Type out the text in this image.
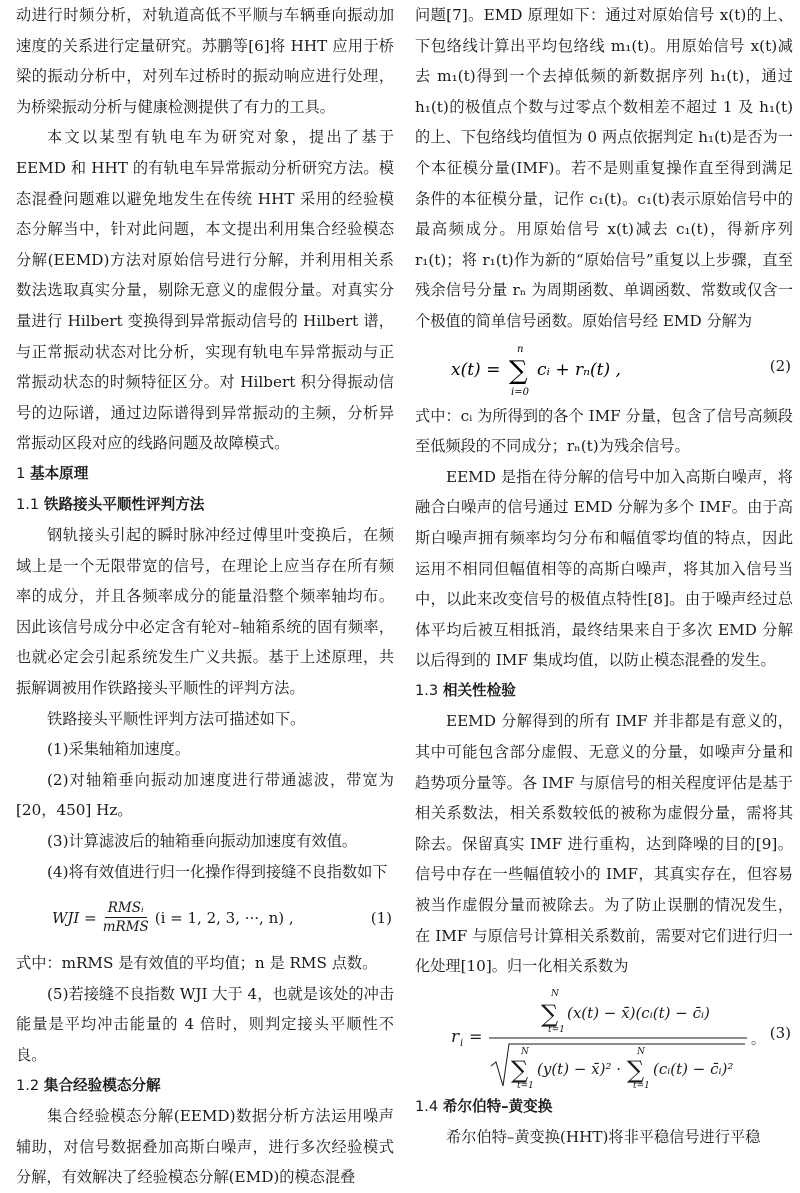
动进行时频分析，对轨道高低不平顺与车辆垂向振动加速度的关系进行定量研究。苏鹏等[6]将 HHT 应用于桥梁的振动分析中，对列车过桥时的振动响应进行处理，为桥梁振动分析与健康检测提供了有力的工具。

本文以某型有轨电车为研究对象，提出了基于 EEMD 和 HHT 的有轨电车异常振动分析研究方法。模态混叠问题难以避免地发生在传统 HHT 采用的经验模态分解当中，针对此问题，本文提出利用集合经验模态分解(EEMD)方法对原始信号进行分解，并利用相关系数法选取真实分量，剔除无意义的虚假分量。对真实分量进行 Hilbert 变换得到异常振动信号的 Hilbert 谱，与正常振动状态对比分析，实现有轨电车异常振动与正常振动状态的时频特征区分。对 Hilbert 积分得振动信号的边际谱，通过边际谱得到异常振动的主频，分析异常振动区段对应的线路问题及故障模式。

1 基本原理
1.1 铁路接头平顺性评判方法

钢轨接头引起的瞬时脉冲经过傅里叶变换后，在频域上是一个无限带宽的信号，在理论上应当存在所有频率的成分，并且各频率成分的能量沿整个频率轴均布。因此该信号成分中必定含有轮对–轴箱系统的固有频率，也就必定会引起系统发生广义共振。基于上述原理，共振解调被用作铁路接头平顺性的评判方法。

铁路接头平顺性评判方法可描述如下。

(1)采集轴箱加速度。
(2)对轴箱垂向振动加速度进行带通滤波，带宽为[20，450] Hz。
(3)计算滤波后的轴箱垂向振动加速度有效值。
(4)将有效值进行归一化操作得到接缝不良指数如下
WJI = $\frac{\text{RMSᵢ}}{\text{mRMS}} (i = 1$, 2, 3, ···, n) ,	(1)

式中：mRMS 是有效值的平均值；n 是 RMS 点数。

(5)若接缝不良指数 WJI 大于 4，也就是该处的冲击能量是平均冲击能量的 4 倍时，则判定接头平顺性不良。
1.2 集合经验模态分解

集合经验模态分解(EEMD)数据分析方法运用噪声辅助，对信号数据叠加高斯白噪声，进行多次经验模式分解，有效解决了经验模态分解(EMD)的模态混叠

问题[7]。EMD 原理如下：通过对原始信号 x(t)的上、下包络线计算出平均包络线 m₁(t)。用原始信号 x(t)减去 m₁(t)得到一个去掉低频的新数据序列 h₁(t)，通过 h₁(t)的极值点个数与过零点个数相差不超过 1 及 h₁(t)的上、下包络线均值恒为 0 两点依据判定 h₁(t)是否为一个本征模分量(IMF)。若不是则重复操作直至得到满足条件的本征模分量，记作 c₁(t)。c₁(t)表示原始信号中的最高频成分。用原始信号 x(t)减去 c₁(t)，得新序列 r₁(t)；将 r₁(t)作为新的“原始信号”重复以上步骤，直至残余信号分量 rₙ 为周期函数、单调函数、常数或仅含一个极值的简单信号函数。原始信号经 EMD 分解为

x(t) =
n
∑
i=0
cᵢ + rₙ(t) ,	(2)

式中：cᵢ 为所得到的各个 IMF 分量，包含了信号高频段至低频段的不同成分；rₙ(t)为残余信号。

EEMD 是指在待分解的信号中加入高斯白噪声，将融合白噪声的信号通过 EMD 分解为多个 IMF。由于高斯白噪声拥有频率均匀分布和幅值零均值的特点，因此运用不相同但幅值相等的高斯白噪声，将其加入信号当中，以此来改变信号的极值点特性[8]。由于噪声经过总体平均后被互相抵消，最终结果来自于多次 EMD 分解以后得到的 IMF 集成均值，以防止模态混叠的发生。

1.3 相关性检验

EEMD 分解得到的所有 IMF 并非都是有意义的，其中可能包含部分虚假、无意义的分量，如噪声分量和趋势项分量等。各 IMF 与原信号的相关程度评估是基于相关系数法，相关系数较低的被称为虚假分量，需将其除去。保留真实 IMF 进行重构，达到降噪的目的[9]。信号中存在一些幅值较小的 IMF，其真实存在，但容易被当作虚假分量而被除去。为了防止误删的情况发生，在 IMF 与原信号计算相关系数前，需要对它们进行归一化处理[10]。归一化相关系数为

r i =
N
∑
t=1
(x(t) − x̄)(cᵢ(t) − c̄ᵢ)
N
∑
t=1
(y(t) − x̄)² ·
N
∑
t=1
(cᵢ(t) − c̄ᵢ)²
。 (3)
1.4 希尔伯特–黄变换

希尔伯特–黄变换(HHT)将非平稳信号进行平稳
